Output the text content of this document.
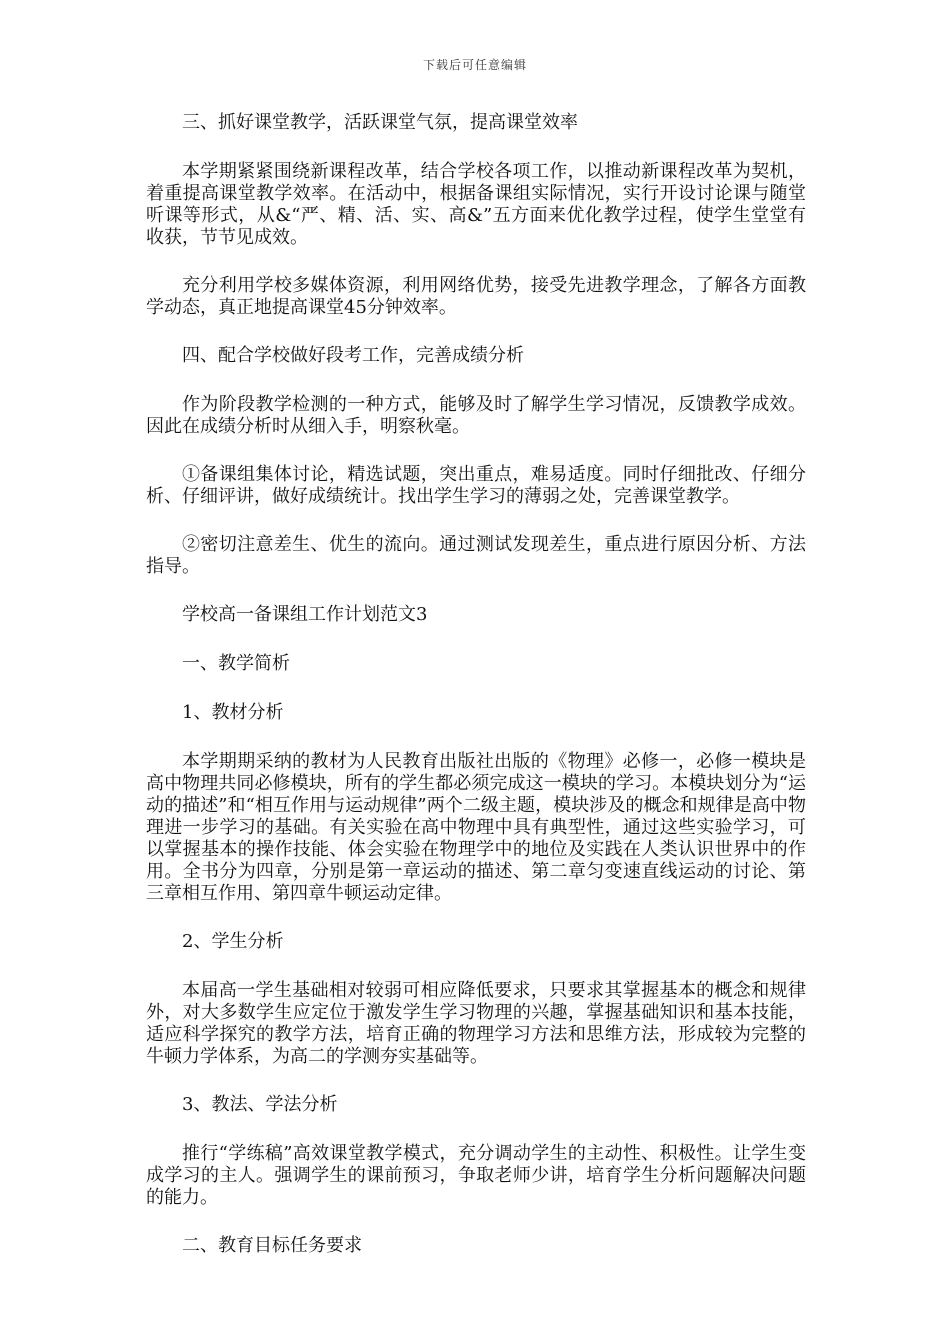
下载后可任意编辑

三、抓好课堂教学，活跃课堂气氛，提高课堂效率

本学期紧紧围绕新课程改革，结合学校各项工作，以推动新课程改革为契机，着重提高课堂教学效率。在活动中，根据备课组实际情况，实行开设讨论课与随堂听课等形式，从&“严、精、活、实、高&”五方面来优化教学过程，使学生堂堂有收获，节节见成效。

充分利用学校多媒体资源，利用网络优势，接受先进教学理念，了解各方面教学动态，真正地提高课堂45分钟效率。

四、配合学校做好段考工作，完善成绩分析

作为阶段教学检测的一种方式，能够及时了解学生学习情况，反馈教学成效。因此在成绩分析时从细入手，明察秋毫。

①备课组集体讨论，精选试题，突出重点，难易适度。同时仔细批改、仔细分析、仔细评讲，做好成绩统计。找出学生学习的薄弱之处，完善课堂教学。

②密切注意差生、优生的流向。通过测试发现差生，重点进行原因分析、方法指导。

学校高一备课组工作计划范文3

一、教学简析

1、教材分析

本学期期采纳的教材为人民教育出版社出版的《物理》必修一，必修一模块是高中物理共同必修模块，所有的学生都必须完成这一模块的学习。本模块划分为“运动的描述”和“相互作用与运动规律”两个二级主题，模块涉及的概念和规律是高中物理进一步学习的基础。有关实验在高中物理中具有典型性，通过这些实验学习，可以掌握基本的操作技能、体会实验在物理学中的地位及实践在人类认识世界中的作用。全书分为四章，分别是第一章运动的描述、第二章匀变速直线运动的讨论、第三章相互作用、第四章牛顿运动定律。

2、学生分析

本届高一学生基础相对较弱可相应降低要求，只要求其掌握基本的概念和规律外，对大多数学生应定位于激发学生学习物理的兴趣，掌握基础知识和基本技能，适应科学探究的教学方法，培育正确的物理学习方法和思维方法，形成较为完整的牛顿力学体系，为高二的学测夯实基础等。

3、教法、学法分析

推行“学练稿”高效课堂教学模式，充分调动学生的主动性、积极性。让学生变成学习的主人。强调学生的课前预习，争取老师少讲，培育学生分析问题解决问题的能力。

二、教育目标任务要求
